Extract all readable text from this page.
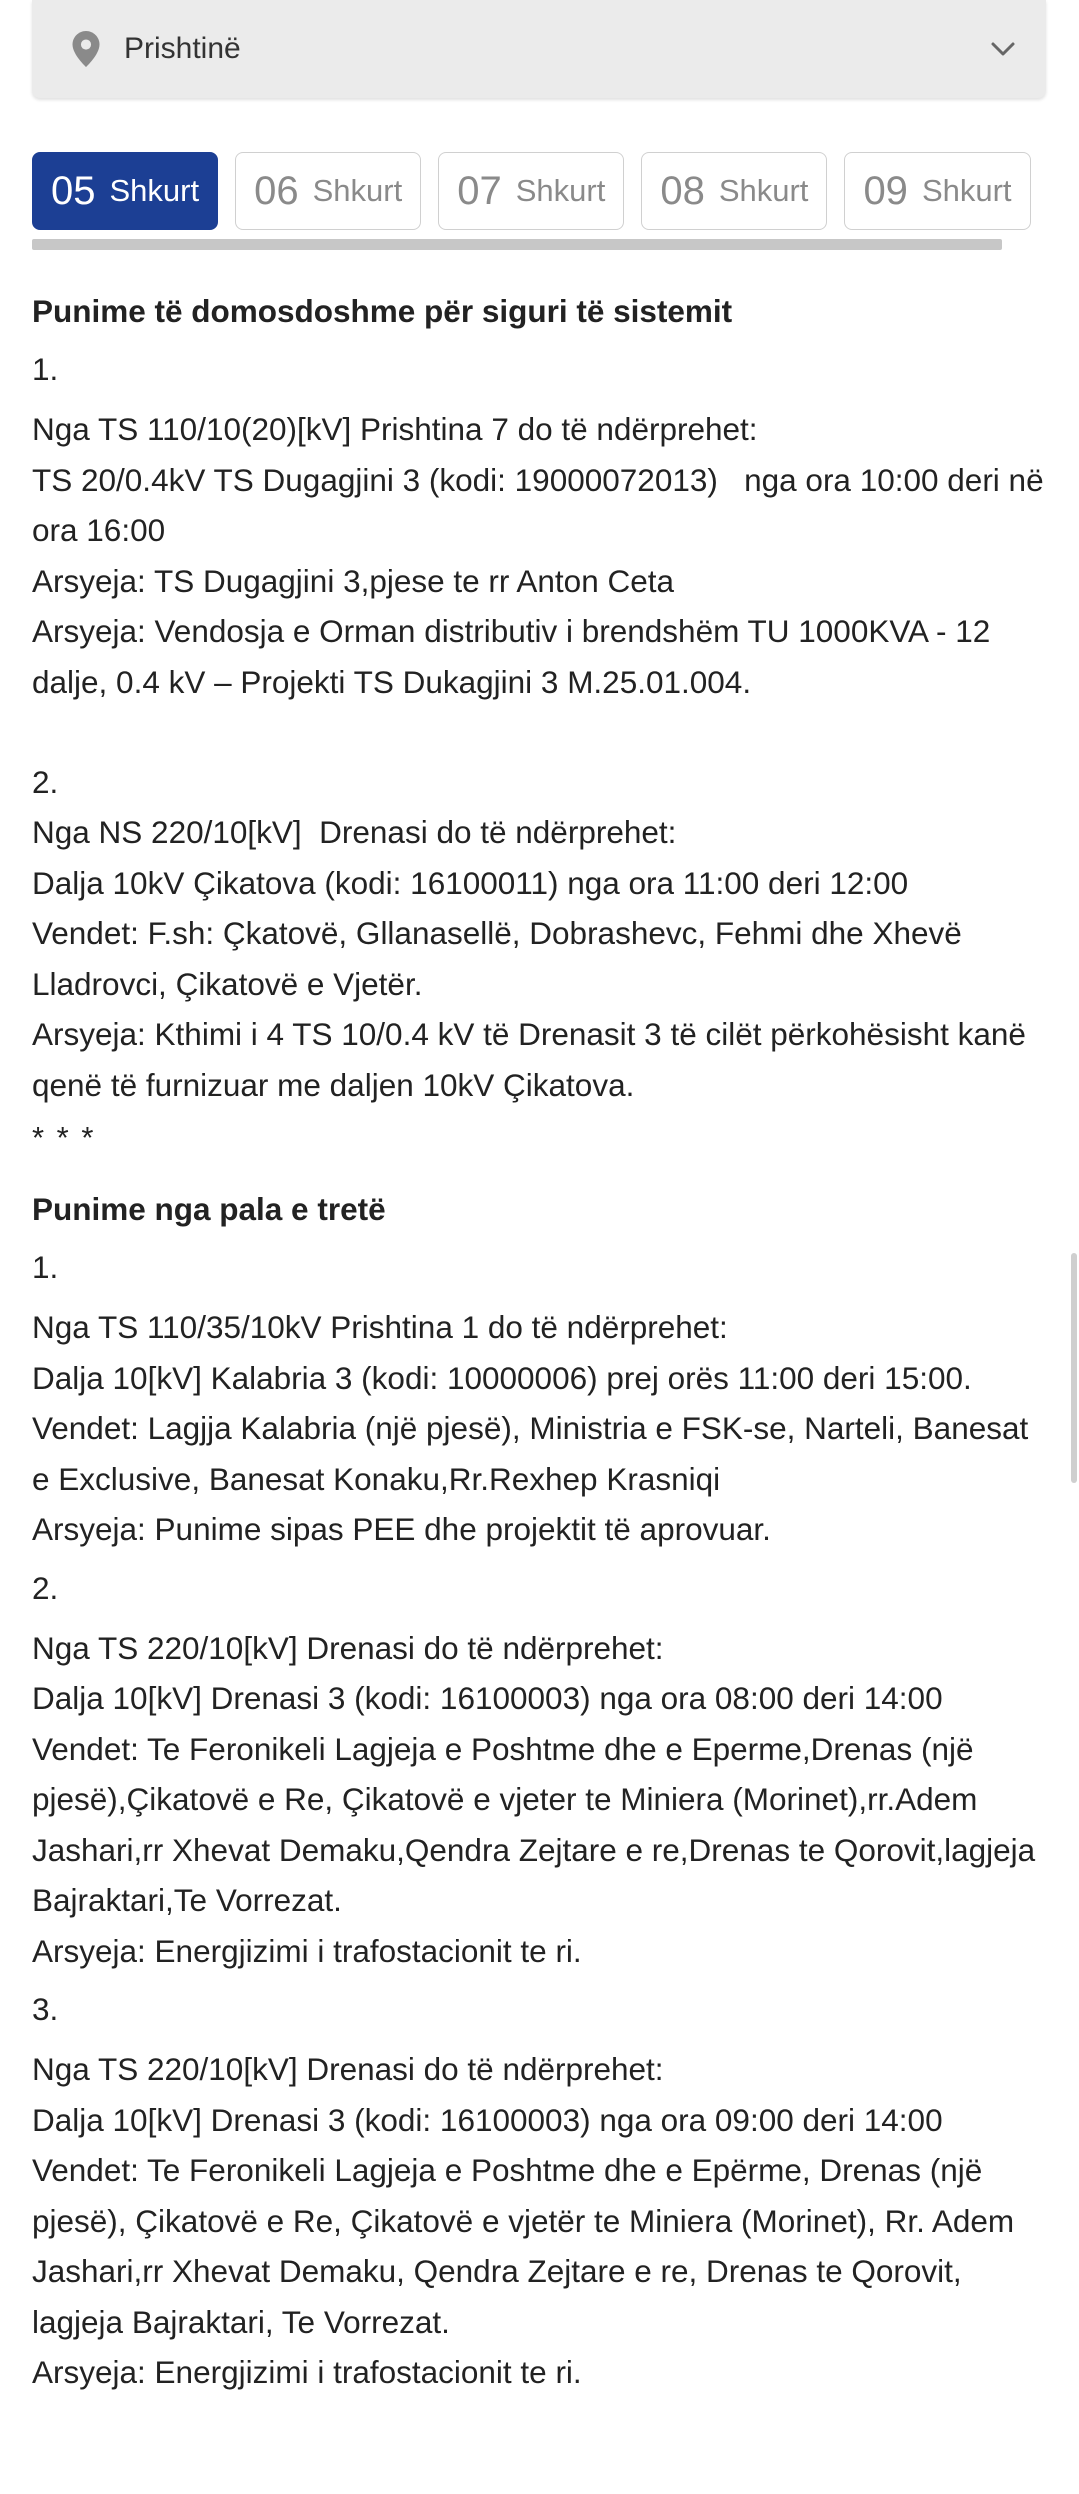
Prishtinë
05 Shkurt 06 Shkurt 07 Shkurt 08 Shkurt 09 Shkurt
Punime të domosdoshme për siguri të sistemit
1.
Nga TS 110/10(20)[kV] Prishtina 7 do të ndërprehet:
TS 20/0.4kV TS Dugagjini 3 (kodi: 19000072013)   nga ora 10:00 deri në ora 16:00
Arsyeja: TS Dugagjini 3,pjese te rr Anton Ceta
Arsyeja: Vendosja e Orman distributiv i brendshëm TU 1000KVA - 12 dalje, 0.4 kV – Projekti TS Dukagjini 3 M.25.01.004.
2.
Nga NS 220/10[kV]  Drenasi do të ndërprehet:
Dalja 10kV Çikatova (kodi: 16100011) nga ora 11:00 deri 12:00
Vendet: F.sh: Çkatovë, Gllanasellë, Dobrashevc, Fehmi dhe Xhevë Lladrovci, Çikatovë e Vjetër.
Arsyeja: Kthimi i 4 TS 10/0.4 kV të Drenasit 3 të cilët përkohësisht kanë qenë të furnizuar me daljen 10kV Çikatova.
* * *
Punime nga pala e tretë
1.
Nga TS 110/35/10kV Prishtina 1 do të ndërprehet:
Dalja 10[kV] Kalabria 3 (kodi: 10000006) prej orës 11:00 deri 15:00.
Vendet: Lagjja Kalabria (një pjesë), Ministria e FSK-se, Narteli, Banesat e Exclusive, Banesat Konaku,Rr.Rexhep Krasniqi
Arsyeja: Punime sipas PEE dhe projektit të aprovuar.
2.
Nga TS 220/10[kV] Drenasi do të ndërprehet:
Dalja 10[kV] Drenasi 3 (kodi: 16100003) nga ora 08:00 deri 14:00
Vendet: Te Feronikeli Lagjeja e Poshtme dhe e Eperme,Drenas (një pjesë),Çikatovë e Re, Çikatovë e vjeter te Miniera (Morinet),rr.Adem Jashari,rr Xhevat Demaku,Qendra Zejtare e re,Drenas te Qorovit,lagjeja Bajraktari,Te Vorrezat.
Arsyeja: Energjizimi i trafostacionit te ri.
3.
Nga TS 220/10[kV] Drenasi do të ndërprehet:
Dalja 10[kV] Drenasi 3 (kodi: 16100003) nga ora 09:00 deri 14:00
Vendet: Te Feronikeli Lagjeja e Poshtme dhe e Epërme, Drenas (një pjesë), Çikatovë e Re, Çikatovë e vjetër te Miniera (Morinet), Rr. Adem Jashari,rr Xhevat Demaku, Qendra Zejtare e re, Drenas te Qorovit, lagjeja Bajraktari, Te Vorrezat.
Arsyeja: Energjizimi i trafostacionit te ri.
